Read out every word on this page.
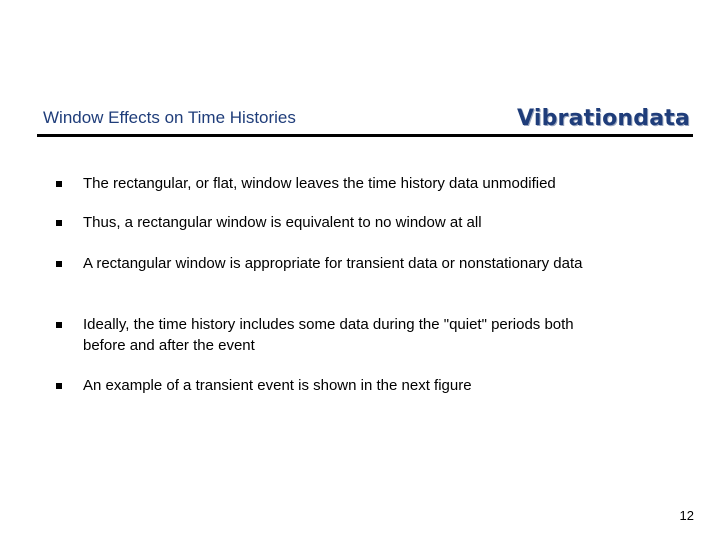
Window Effects on Time Histories	Vibrationdata
The rectangular, or flat, window leaves the time history data unmodified
Thus, a rectangular window is equivalent to no window at all
A rectangular window is appropriate for transient data or nonstationary data
Ideally, the time history includes some data during the "quiet" periods both before and after the event
An example of a transient event is shown in the next figure
12
